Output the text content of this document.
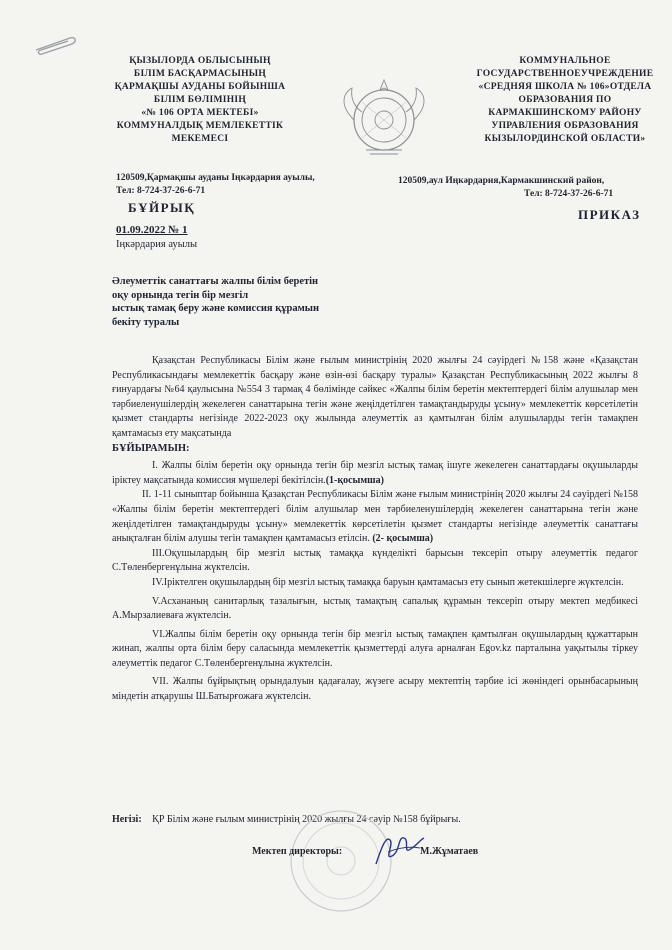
ҚЫЗЫЛОРДА ОБЛЫСЫНЫҢ
БІЛІМ БАСҚАРМАСЫНЫҢ
ҚАРМАҚШЫ АУДАНЫ БОЙЫНША
БІЛІМ БӨЛІМІНІҢ
«№ 106 ОРТА МЕКТЕБІ»
КОММУНАЛДЫҚ МЕМЛЕКЕТТІК
МЕКЕМЕСІ
КОММУНАЛЬНОЕ
ГОСУДАРСТВЕННОЕУЧРЕЖДЕНИЕ
«СРЕДНЯЯ ШКОЛА № 106»ОТДЕЛА
ОБРАЗОВАНИЯ ПО
КАРМАКШИНСКОМУ РАЙОНУ
УПРАВЛЕНИЯ ОБРАЗОВАНИЯ
КЫЗЫЛОРДИНСКОЙ ОБЛАСТИ»
120509,Қармақшы ауданы Іңкәрдария ауылы,
Тел: 8-724-37-26-6-71
120509,аул Иңкәрдария,Кармакшинский район,
Тел: 8-724-37-26-6-71
БҰЙРЫҚ	ПРИКАЗ
01.09.2022 № 1
Іңкәрдария ауылы
Әлеуметтік санаттағы жалпы білім беретін
оқу орнында тегін бір мезгіл
ыстық тамақ беру және комиссия құрамын
бекіту туралы

Қазақстан Республикасы Білім және ғылым министрінің 2020 жылғы 24 сәуірдегі №158 және «Қазақстан Республикасындағы мемлекеттік басқару және өзін-өзі басқару туралы» Қазақстан Республикасының 2022 жылғы 8 ғинуардағы №64 қаулысына №554 3 тармақ 4 бөлімінде сәйкес «Жалпы білім беретін мектептердегі білім алушылар мен тәрбиеленушілердің жекелеген санаттарына тегін және жеңілдетілген тамақтандыруды ұсыну» мемлекеттік көрсетілетін қызмет стандарты негізінде 2022-2023 оқу жылында әлеуметтік аз қамтылған білім алушыларды тегін тамақпен қамтамасыз ету мақсатында

БҰЙЫРАМЫН:

І. Жалпы білім беретін оқу орнында тегін бір мезгіл ыстық тамақ ішуге жекелеген санаттардағы оқушыларды іріктеу мақсатында комиссия мүшелері бекітілсін.(1-қосымша)

ІІ. 1-11 сыныптар бойынша Қазақстан Республикасы Білім және ғылым министрінің 2020 жылғы 24 сәуірдегі №158 «Жалпы білім беретін мектептердегі білім алушылар мен тәрбиеленушілердің жекелеген санаттарына тегін және жеңілдетілген тамақтандыруды ұсыну» мемлекеттік көрсетілетін қызмет стандарты негізінде әлеуметтік санаттағы анықталған білім алушы тегін тамақпен қамтамасыз етілсін. (2- қосымша)

ІІІ.Оқушылардың бір мезгіл ыстық тамаққа күнделікті барысын тексеріп отыру әлеуметтік педагог С.Төленбергенұлына жүктелсін.

ІV.Іріктелген оқушылардың бір мезгіл ыстық тамаққа баруын қамтамасыз ету сынып жетекшілерге жүктелсін.

V.Асхананың санитарлық тазалығын, ыстық тамақтың сапалық құрамын тексеріп отыру мектеп медбикесі А.Мырзалиеваға жүктелсін.

VI.Жалпы білім беретін оқу орнында тегін бір мезгіл ыстық тамақпен қамтылған оқушылардың құжаттарын жинап, жалпы орта білім беру саласында мемлекеттік қызметтерді алуға арналған Egov.kz парталына уақытылы тіркеу әлеуметтік педагог С.Төленбергенұлына жүктелсін.

VII. Жалпы бұйрықтың орындалуын қадағалау, жүзеге асыру мектептің тәрбие ісі жөніндегі орынбасарының міндетін атқарушы Ш.Батырғожаға жүктелсін.

Негізі: ҚР Білім және ғылым министрінің 2020 жылғы 24 сәуір №158 бұйрығы.
Мектеп директоры:	М.Жұматаев
